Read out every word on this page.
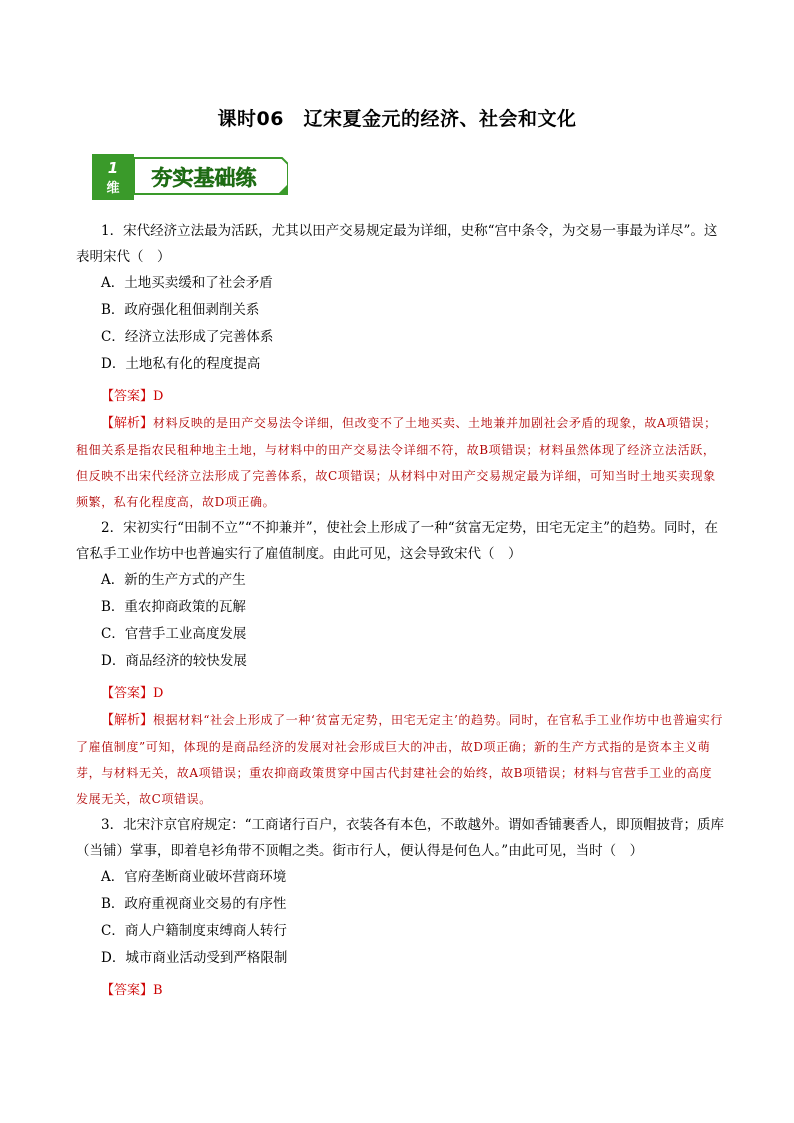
课时06　辽宋夏金元的经济、社会和文化
1
维 夯实基础练

1．宋代经济立法最为活跃，尤其以田产交易规定最为详细，史称“宫中条令，为交易一事最为详尽”。这表明宋代（　）

A．土地买卖缓和了社会矛盾

B．政府强化租佃剥削关系

C．经济立法形成了完善体系

D．土地私有化的程度提高

【答案】D

【解析】材料反映的是田产交易法令详细，但改变不了土地买卖、土地兼并加剧社会矛盾的现象，故A项错误；租佃关系是指农民租种地主土地，与材料中的田产交易法令详细不符，故B项错误；材料虽然体现了经济立法活跃，但反映不出宋代经济立法形成了完善体系，故C项错误；从材料中对田产交易规定最为详细，可知当时土地买卖现象频繁，私有化程度高，故D项正确。

2．宋初实行“田制不立”“不抑兼并”，使社会上形成了一种“贫富无定势，田宅无定主”的趋势。同时，在官私手工业作坊中也普遍实行了雇值制度。由此可见，这会导致宋代（　）

A．新的生产方式的产生

B．重农抑商政策的瓦解

C．官营手工业高度发展

D．商品经济的较快发展

【答案】D

【解析】根据材料“社会上形成了一种‘贫富无定势，田宅无定主’的趋势。同时，在官私手工业作坊中也普遍实行了雇值制度”可知，体现的是商品经济的发展对社会形成巨大的冲击，故D项正确；新的生产方式指的是资本主义萌芽，与材料无关，故A项错误；重农抑商政策贯穿中国古代封建社会的始终，故B项错误；材料与官营手工业的高度发展无关，故C项错误。

3．北宋汴京官府规定：“工商诸行百户，衣装各有本色，不敢越外。谓如香铺裹香人，即顶帽披背；质库（当铺）掌事，即着皂衫角带不顶帽之类。街市行人，便认得是何色人。”由此可见，当时（　）

A．官府垄断商业破坏营商环境

B．政府重视商业交易的有序性

C．商人户籍制度束缚商人转行

D．城市商业活动受到严格限制

【答案】B
